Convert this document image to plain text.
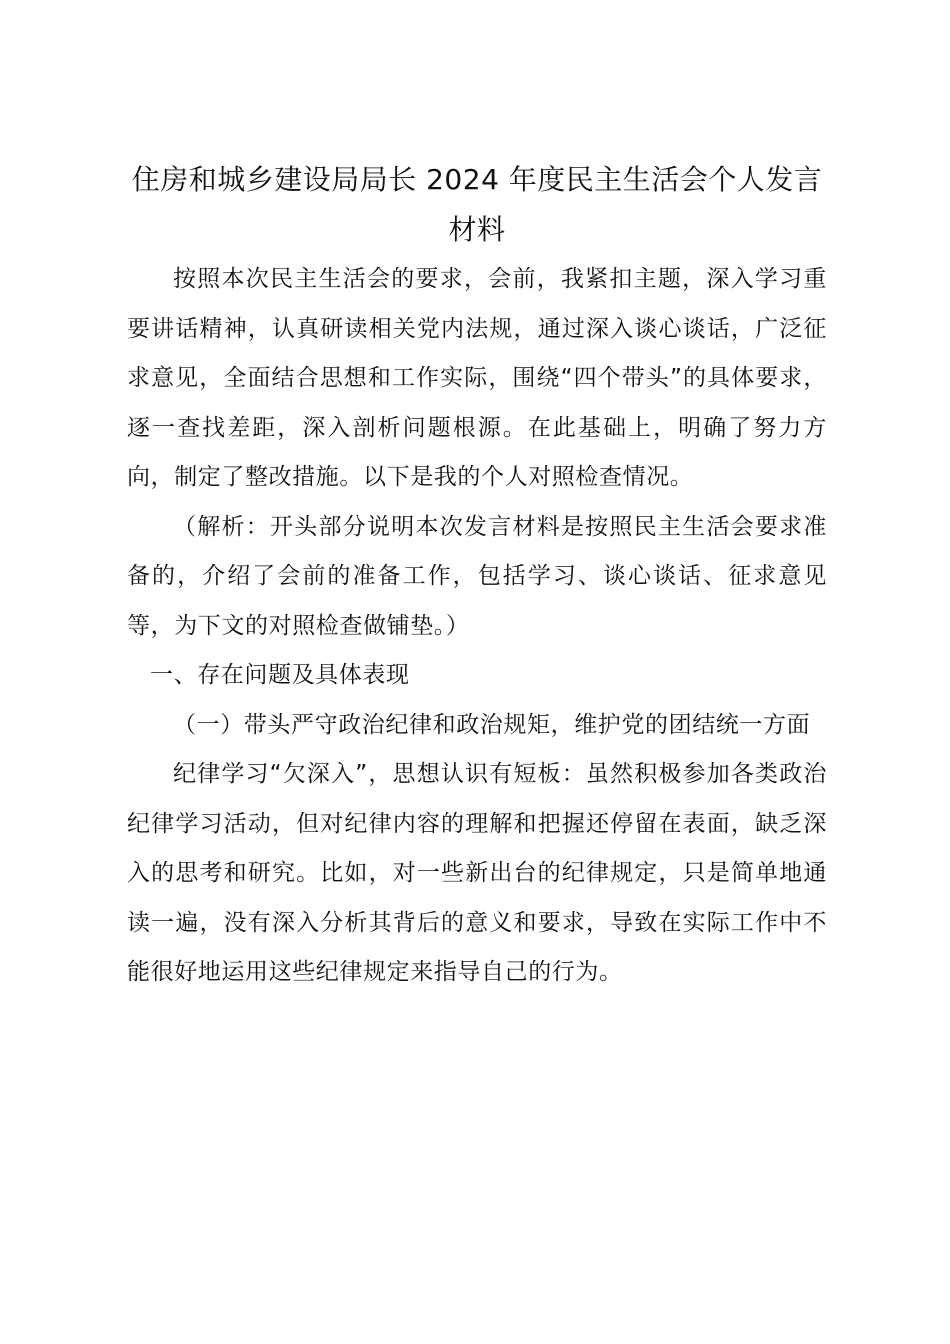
住房和城乡建设局局长 2024 年度民主生活会个人发言
材料

按照本次民主生活会的要求，会前，我紧扣主题，深入学习重要讲话精神，认真研读相关党内法规，通过深入谈心谈话，广泛征求意见，全面结合思想和工作实际，围绕“四个带头”的具体要求，逐一查找差距，深入剖析问题根源。在此基础上，明确了努力方向，制定了整改措施。以下是我的个人对照检查情况。

（解析：开头部分说明本次发言材料是按照民主生活会要求准备的，介绍了会前的准备工作，包括学习、谈心谈话、征求意见等，为下文的对照检查做铺垫。）

一、存在问题及具体表现

（一）带头严守政治纪律和政治规矩，维护党的团结统一方面

纪律学习“欠深入”，思想认识有短板：虽然积极参加各类政治纪律学习活动，但对纪律内容的理解和把握还停留在表面，缺乏深入的思考和研究。比如，对一些新出台的纪律规定，只是简单地通读一遍，没有深入分析其背后的意义和要求，导致在实际工作中不能很好地运用这些纪律规定来指导自己的行为。
